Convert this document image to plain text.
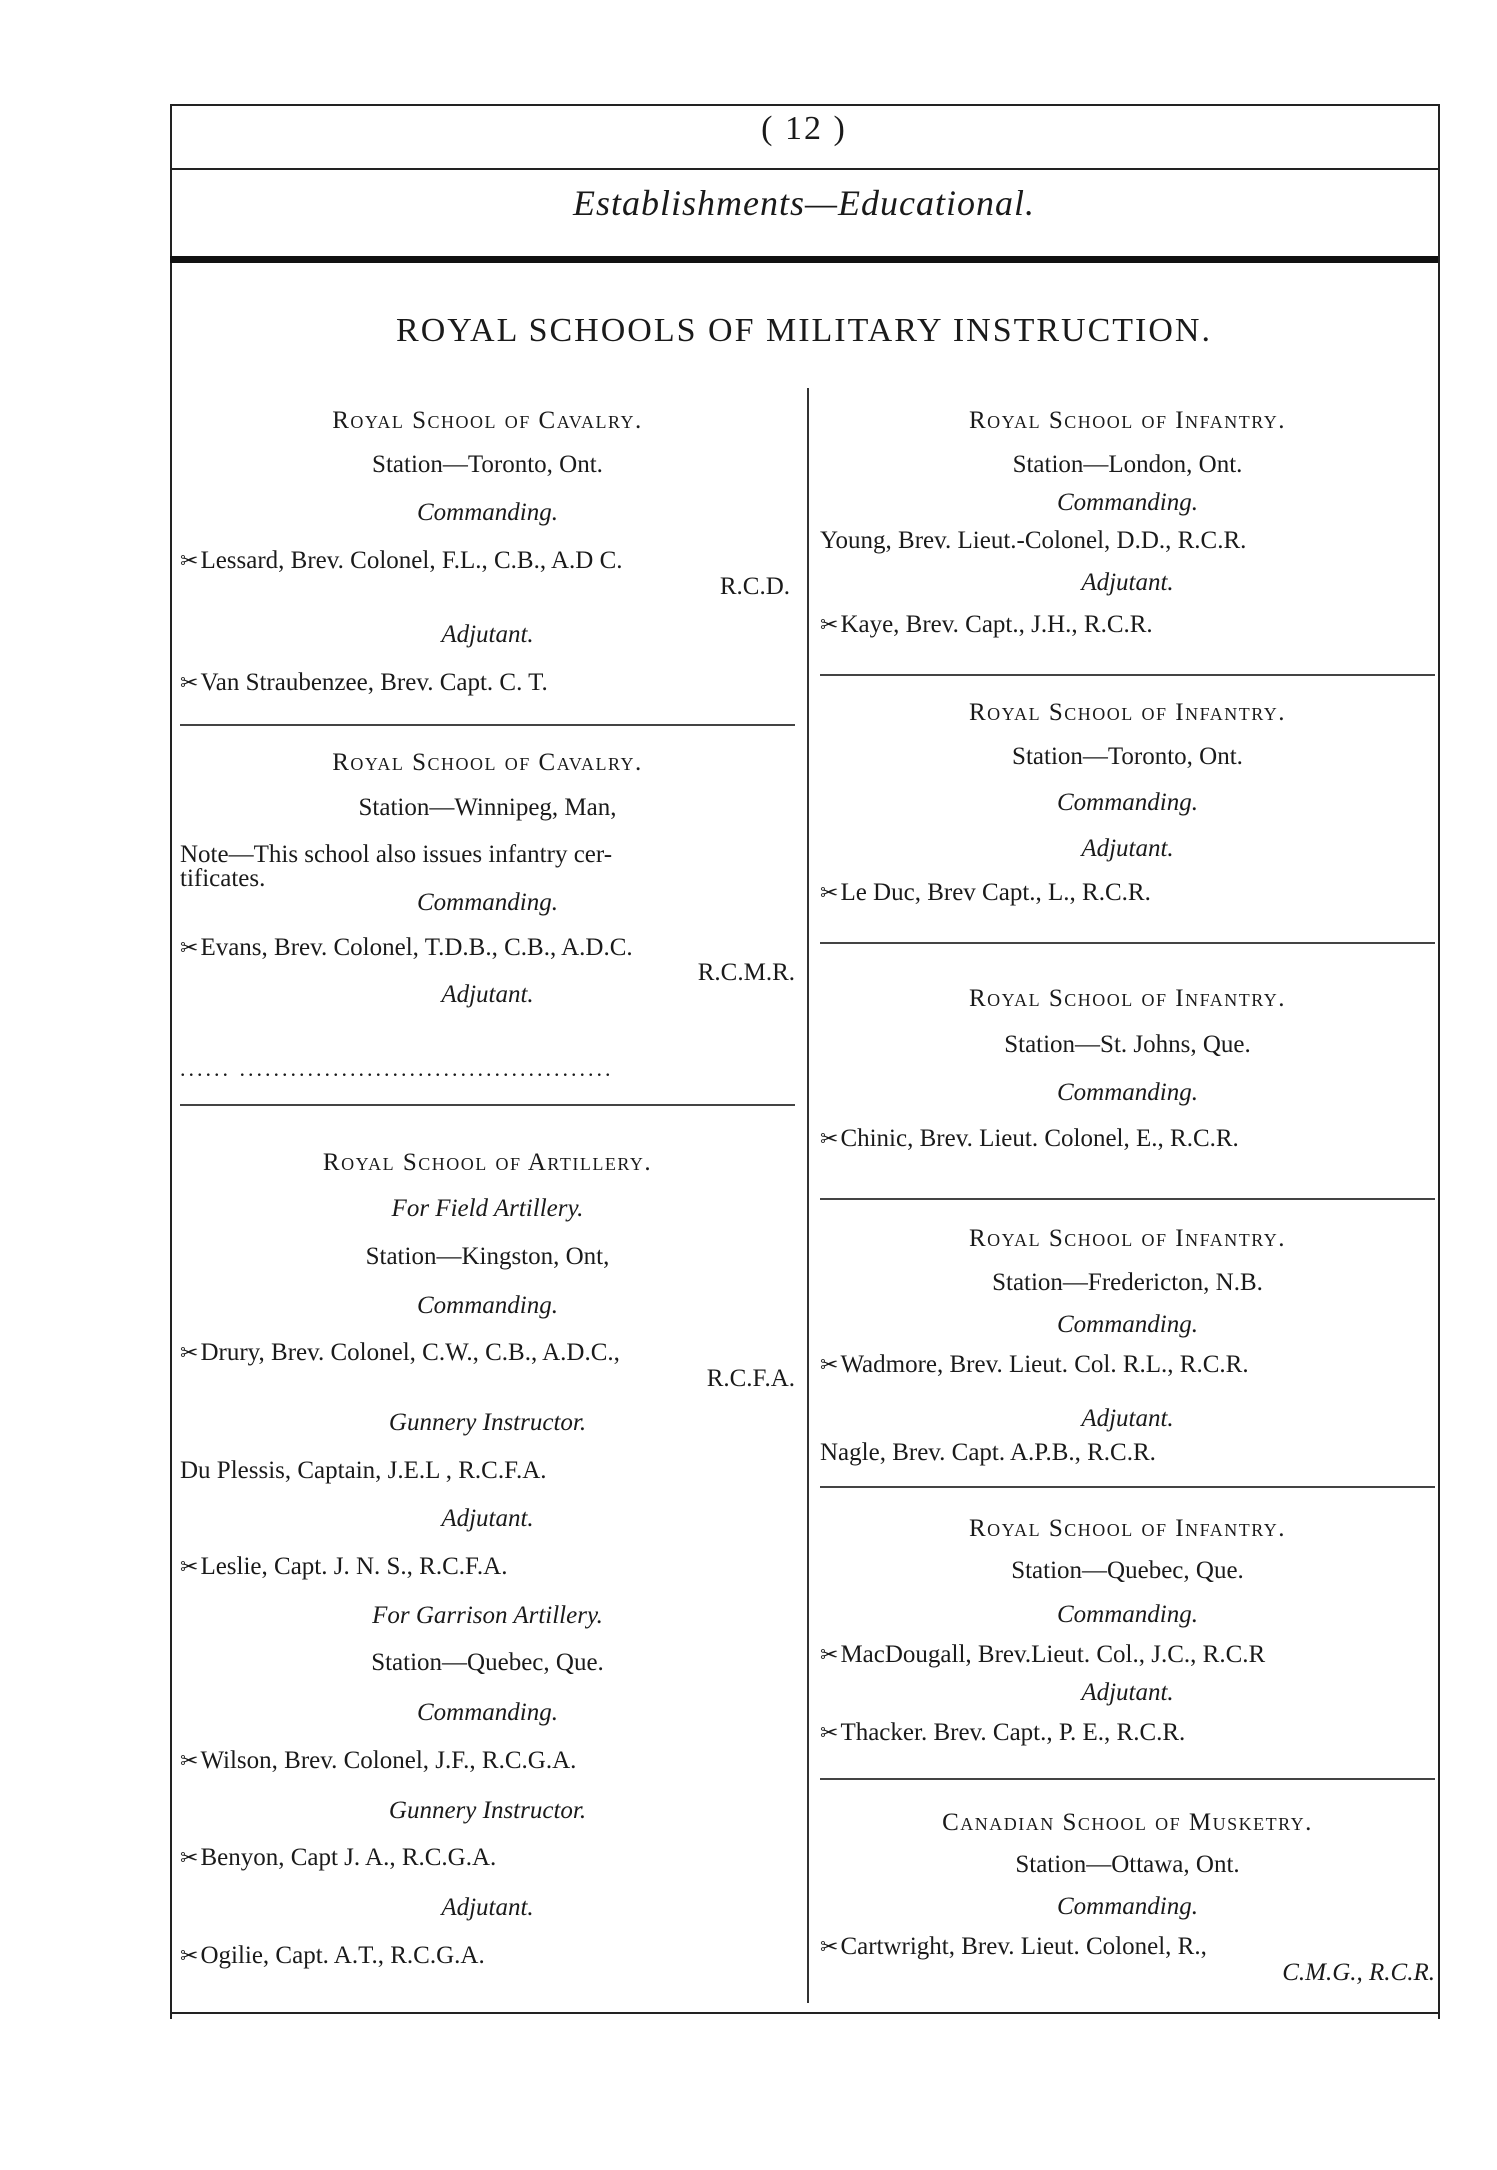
( 12 )
Establishments—Educational.
ROYAL SCHOOLS OF MILITARY INSTRUCTION.
Royal School of Cavalry.
Station—Toronto, Ont.
Commanding.
✂Lessard, Brev. Colonel, F.L., C.B., A.D C.
R.C.D.
Adjutant.
✂Van Straubenzee, Brev. Capt. C. T.
Royal School of Cavalry.
Station—Winnipeg, Man,
Note—This school also issues infantry cer-
tificates.
Commanding.
✂Evans, Brev. Colonel, T.D.B., C.B., A.D.C.
R.C.M.R.
Adjutant.
...... ............................................
Royal School of Artillery.
For Field Artillery.
Station—Kingston, Ont,
Commanding.
✂Drury, Brev. Colonel, C.W., C.B., A.D.C.,
R.C.F.A.
Gunnery Instructor.
Du Plessis, Captain, J.E.L , R.C.F.A.
Adjutant.
✂Leslie, Capt. J. N. S., R.C.F.A.
For Garrison Artillery.
Station—Quebec, Que.
Commanding.
✂Wilson, Brev. Colonel, J.F., R.C.G.A.
Gunnery Instructor.
✂Benyon, Capt J. A., R.C.G.A.
Adjutant.
✂Ogilie, Capt. A.T., R.C.G.A.
Royal School of Infantry.
Station—London, Ont.
Commanding.
Young, Brev. Lieut.-Colonel, D.D., R.C.R.
Adjutant.
✂Kaye, Brev. Capt., J.H., R.C.R.
Royal School of Infantry.
Station—Toronto, Ont.
Commanding.
Adjutant.
✂Le Duc, Brev Capt., L., R.C.R.
Royal School of Infantry.
Station—St. Johns, Que.
Commanding.
✂Chinic, Brev. Lieut. Colonel, E., R.C.R.
Royal School of Infantry.
Station—Fredericton, N.B.
Commanding.
✂Wadmore, Brev. Lieut. Col. R.L., R.C.R.
Adjutant.
Nagle, Brev. Capt. A.P.B., R.C.R.
Royal School of Infantry.
Station—Quebec, Que.
Commanding.
✂MacDougall, Brev.Lieut. Col., J.C., R.C.R
Adjutant.
✂Thacker. Brev. Capt., P. E., R.C.R.
Canadian School of Musketry.
Station—Ottawa, Ont.
Commanding.
✂Cartwright, Brev. Lieut. Colonel, R.,
C.M.G., R.C.R.
